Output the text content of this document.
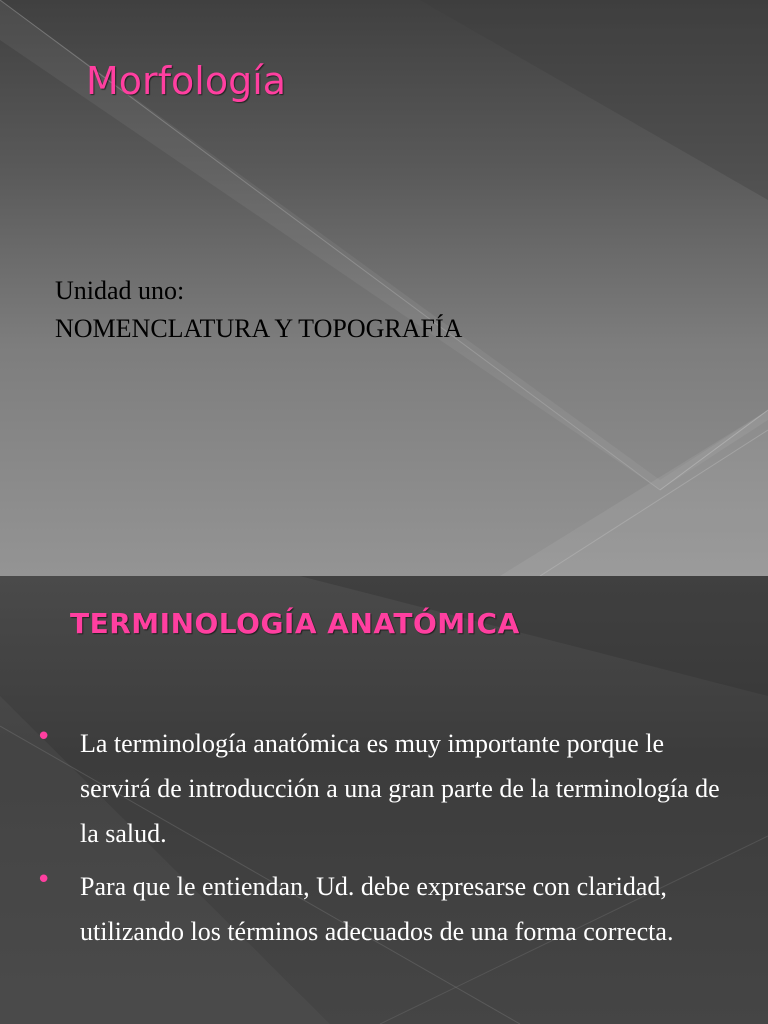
Morfología
Unidad uno:
NOMENCLATURA Y TOPOGRAFÍA
TERMINOLOGÍA ANATÓMICA
• La terminología anatómica es muy importante porque le servirá de introducción a una gran parte de la terminología de la salud.
• Para que le entiendan, Ud. debe expresarse con claridad, utilizando los términos adecuados de una forma correcta.
